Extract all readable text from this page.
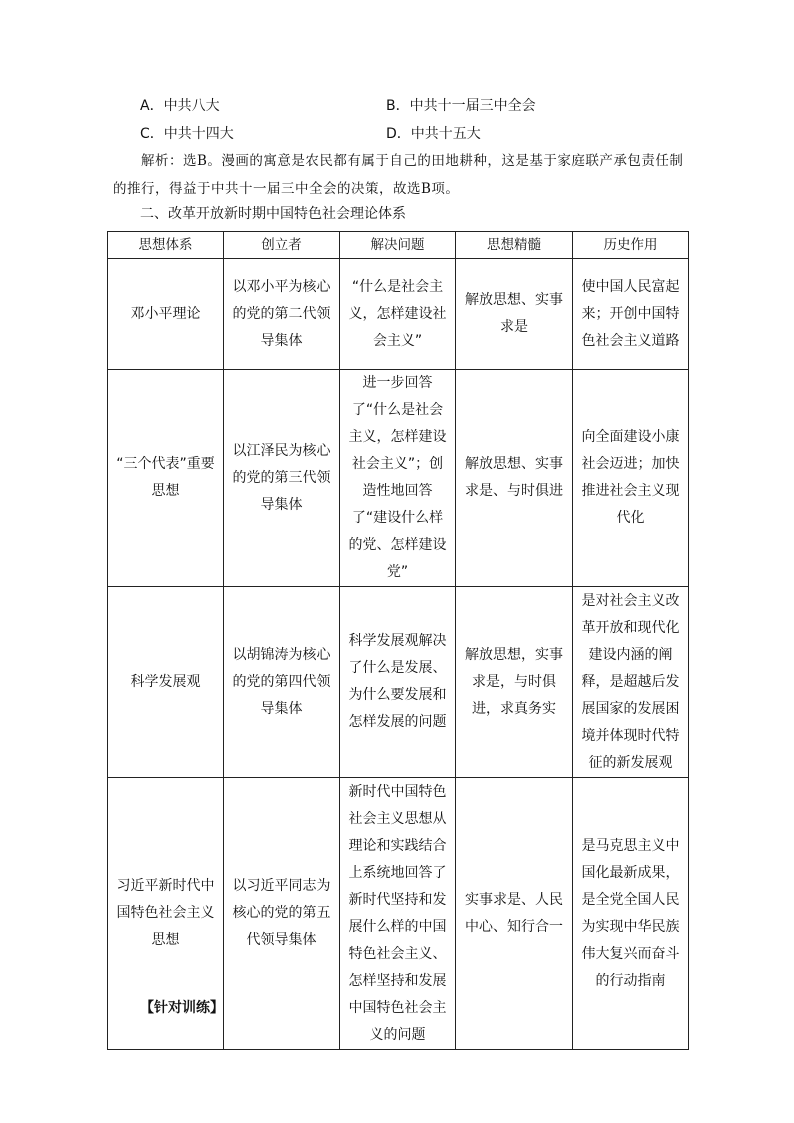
A．中共八大	B．中共十一届三中全会
C．中共十四大	D．中共十五大
解析：选B。漫画的寓意是农民都有属于自己的田地耕种，这是基于家庭联产承包责任制的推行，得益于中共十一届三中全会的决策，故选B项。
二、改革开放新时期中国特色社会理论体系
思想体系	创立者	解决问题	思想精髓	历史作用
邓小平理论	以邓小平为核心的党的第二代领导集体	“什么是社会主义，怎样建设社会主义”	解放思想、实事求是	使中国人民富起来；开创中国特色社会主义道路
“三个代表”重要思想	以江泽民为核心的党的第三代领导集体	进一步回答了“什么是社会主义，怎样建设社会主义”；创造性地回答了“建设什么样的党、怎样建设党”	解放思想、实事求是、与时俱进	向全面建设小康社会迈进；加快推进社会主义现代化
科学发展观	以胡锦涛为核心的党的第四代领导集体	科学发展观解决了什么是发展、为什么要发展和怎样发展的问题	解放思想，实事求是，与时俱进，求真务实	是对社会主义改革开放和现代化建设内涵的阐释，是超越后发展国家的发展困境并体现时代特征的新发展观
习近平新时代中国特色社会主义思想	以习近平同志为核心的党的第五代领导集体	新时代中国特色社会主义思想从理论和实践结合上系统地回答了新时代坚持和发展什么样的中国特色社会主义、怎样坚持和发展中国特色社会主义的问题	实事求是、人民中心、知行合一	是马克思主义中国化最新成果，是全党全国人民为实现中华民族伟大复兴而奋斗的行动指南
【针对训练】
